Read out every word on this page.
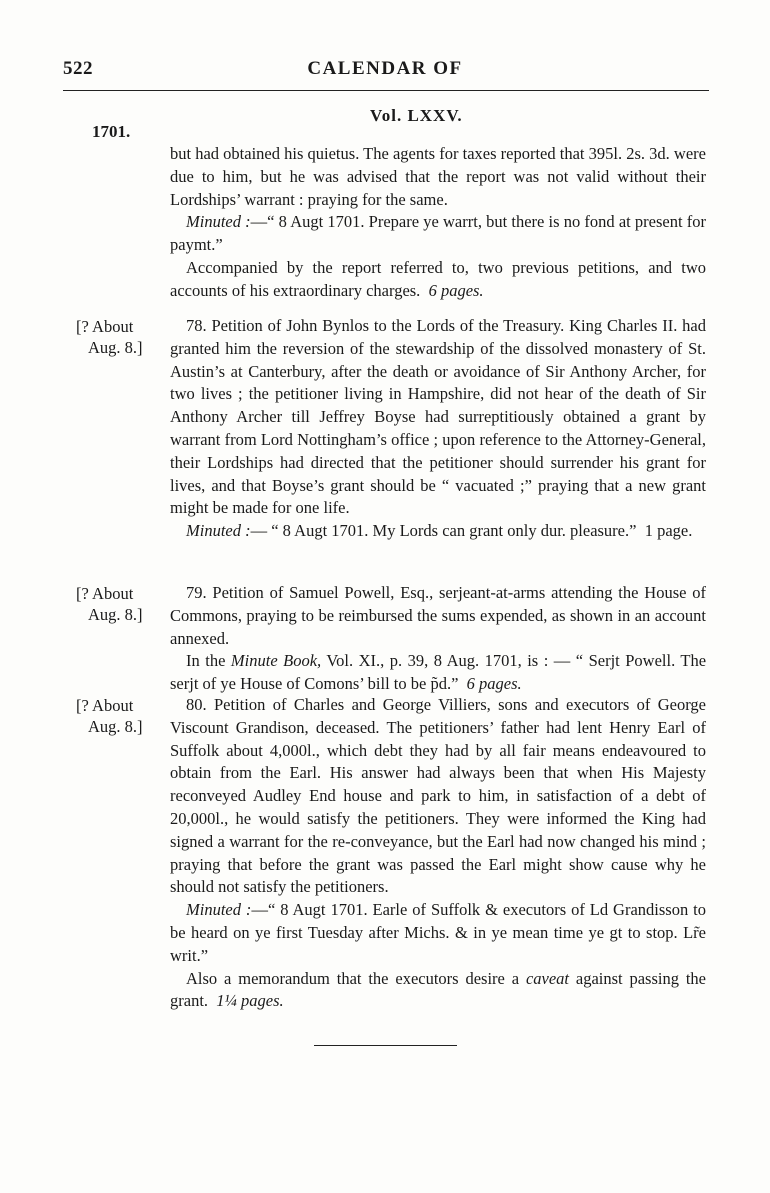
522	CALENDAR OF
Vol. LXXV.
1701.

but had obtained his quietus. The agents for taxes reported that 395l. 2s. 3d. were due to him, but he was advised that the report was not valid without their Lordships’ warrant : praying for the same.

Minuted :—“ 8 Augt 1701. Prepare ye warrt, but there is no fond at present for paymt.”

Accompanied by the report referred to, two previous petitions, and two accounts of his extraordinary charges. 6 pages.

[? About
Aug. 8.]

78. Petition of John Bynlos to the Lords of the Treasury. King Charles II. had granted him the reversion of the stewardship of the dissolved monastery of St. Austin’s at Canterbury, after the death or avoidance of Sir Anthony Archer, for two lives ; the petitioner living in Hampshire, did not hear of the death of Sir Anthony Archer till Jeffrey Boyse had surreptitiously obtained a grant by warrant from Lord Nottingham’s office ; upon reference to the Attorney-General, their Lordships had directed that the petitioner should surrender his grant for lives, and that Boyse’s grant should be “ vacuated ;” praying that a new grant might be made for one life.

Minuted :— “ 8 Augt 1701. My Lords can grant only dur. pleasure.” 1 page.

[? About
Aug. 8.]

79. Petition of Samuel Powell, Esq., serjeant-at-arms attending the House of Commons, praying to be reimbursed the sums expended, as shown in an account annexed.

In the Minute Book, Vol. XI., p. 39, 8 Aug. 1701, is : — “ Serjt Powell. The serjt of ye House of Comons’ bill to be p̃d.” 6 pages.

[? About
Aug. 8.]

80. Petition of Charles and George Villiers, sons and executors of George Viscount Grandison, deceased. The petitioners’ father had lent Henry Earl of Suffolk about 4,000l., which debt they had by all fair means endeavoured to obtain from the Earl. His answer had always been that when His Majesty reconveyed Audley End house and park to him, in satisfaction of a debt of 20,000l., he would satisfy the petitioners. They were informed the King had signed a warrant for the re-conveyance, but the Earl had now changed his mind ; praying that before the grant was passed the Earl might show cause why he should not satisfy the petitioners.

Minuted :—“ 8 Augt 1701. Earle of Suffolk & executors of Ld Grandisson to be heard on ye first Tuesday after Michs. & in ye mean time ye gt to stop. Lr̃e writ.”

Also a memorandum that the executors desire a caveat against passing the grant. 1¼ pages.
